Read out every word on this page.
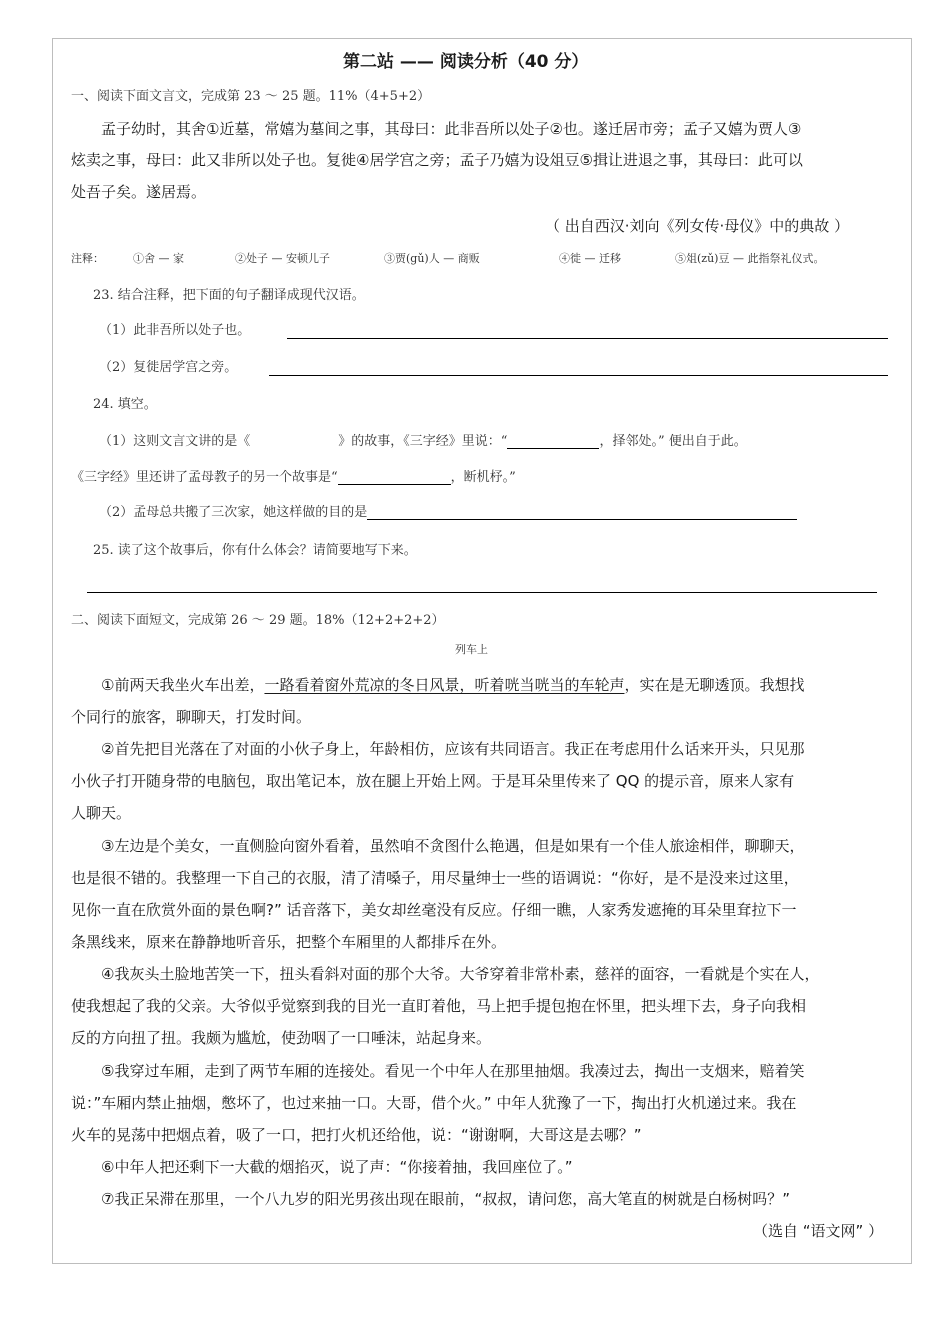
第二站 —— 阅读分析（40 分）
一、阅读下面文言文，完成第 23 ～ 25 题。11%（4+5+2）
孟子幼时，其舍①近墓，常嬉为墓间之事，其母曰：此非吾所以处子②也。遂迁居市旁；孟子又嬉为贾人③
炫卖之事，母曰：此又非所以处子也。复徙④居学宫之旁；孟子乃嬉为设俎豆⑤揖让进退之事，其母曰：此可以
处吾子矣。遂居焉。
（ 出自西汉·刘向《列女传·母仪》中的典故 ）
注释：	①舍 — 家	②处子 — 安顿儿子	③贾(gǔ)人 — 商贩	④徙 — 迁移	⑤俎(zǔ)豆 — 此指祭礼仪式。
23. 结合注释，把下面的句子翻译成现代汉语。
（1）此非吾所以处子也。
（2）复徙居学宫之旁。
24. 填空。
（1）这则文言文讲的是《	》的故事，《三字经》里说：“	，择邻处。” 便出自于此。
《三字经》里还讲了孟母教子的另一个故事是“	，断机杼。”
（2）孟母总共搬了三次家，她这样做的目的是
25. 读了这个故事后，你有什么体会？请简要地写下来。
二、阅读下面短文，完成第 26 ～ 29 题。18%（12+2+2+2）
列车上
①前两天我坐火车出差，一路看着窗外荒凉的冬日风景，听着咣当咣当的车轮声，实在是无聊透顶。我想找
个同行的旅客，聊聊天，打发时间。
②首先把目光落在了对面的小伙子身上，年龄相仿，应该有共同语言。我正在考虑用什么话来开头，只见那
小伙子打开随身带的电脑包，取出笔记本，放在腿上开始上网。于是耳朵里传来了 QQ 的提示音，原来人家有
人聊天。
③左边是个美女，一直侧脸向窗外看着，虽然咱不贪图什么艳遇，但是如果有一个佳人旅途相伴，聊聊天，
也是很不错的。我整理一下自己的衣服，清了清嗓子，用尽量绅士一些的语调说：“你好，是不是没来过这里，
见你一直在欣赏外面的景色啊?” 话音落下，美女却丝毫没有反应。仔细一瞧，人家秀发遮掩的耳朵里耷拉下一
条黑线来，原来在静静地听音乐，把整个车厢里的人都排斥在外。
④我灰头土脸地苦笑一下，扭头看斜对面的那个大爷。大爷穿着非常朴素，慈祥的面容，一看就是个实在人，
使我想起了我的父亲。大爷似乎觉察到我的目光一直盯着他，马上把手提包抱在怀里，把头埋下去，身子向我相
反的方向扭了扭。我颇为尴尬，使劲咽了一口唾沫，站起身来。
⑤我穿过车厢，走到了两节车厢的连接处。看见一个中年人在那里抽烟。我凑过去，掏出一支烟来，赔着笑
说：”车厢内禁止抽烟，憋坏了，也过来抽一口。大哥，借个火。” 中年人犹豫了一下，掏出打火机递过来。我在
火车的晃荡中把烟点着，吸了一口，把打火机还给他，说：“谢谢啊，大哥这是去哪？”
⑥中年人把还剩下一大截的烟掐灭，说了声：“你接着抽，我回座位了。”
⑦我正呆滞在那里，一个八九岁的阳光男孩出现在眼前，“叔叔，请问您，高大笔直的树就是白杨树吗？”
（选自 “语文网” ）
